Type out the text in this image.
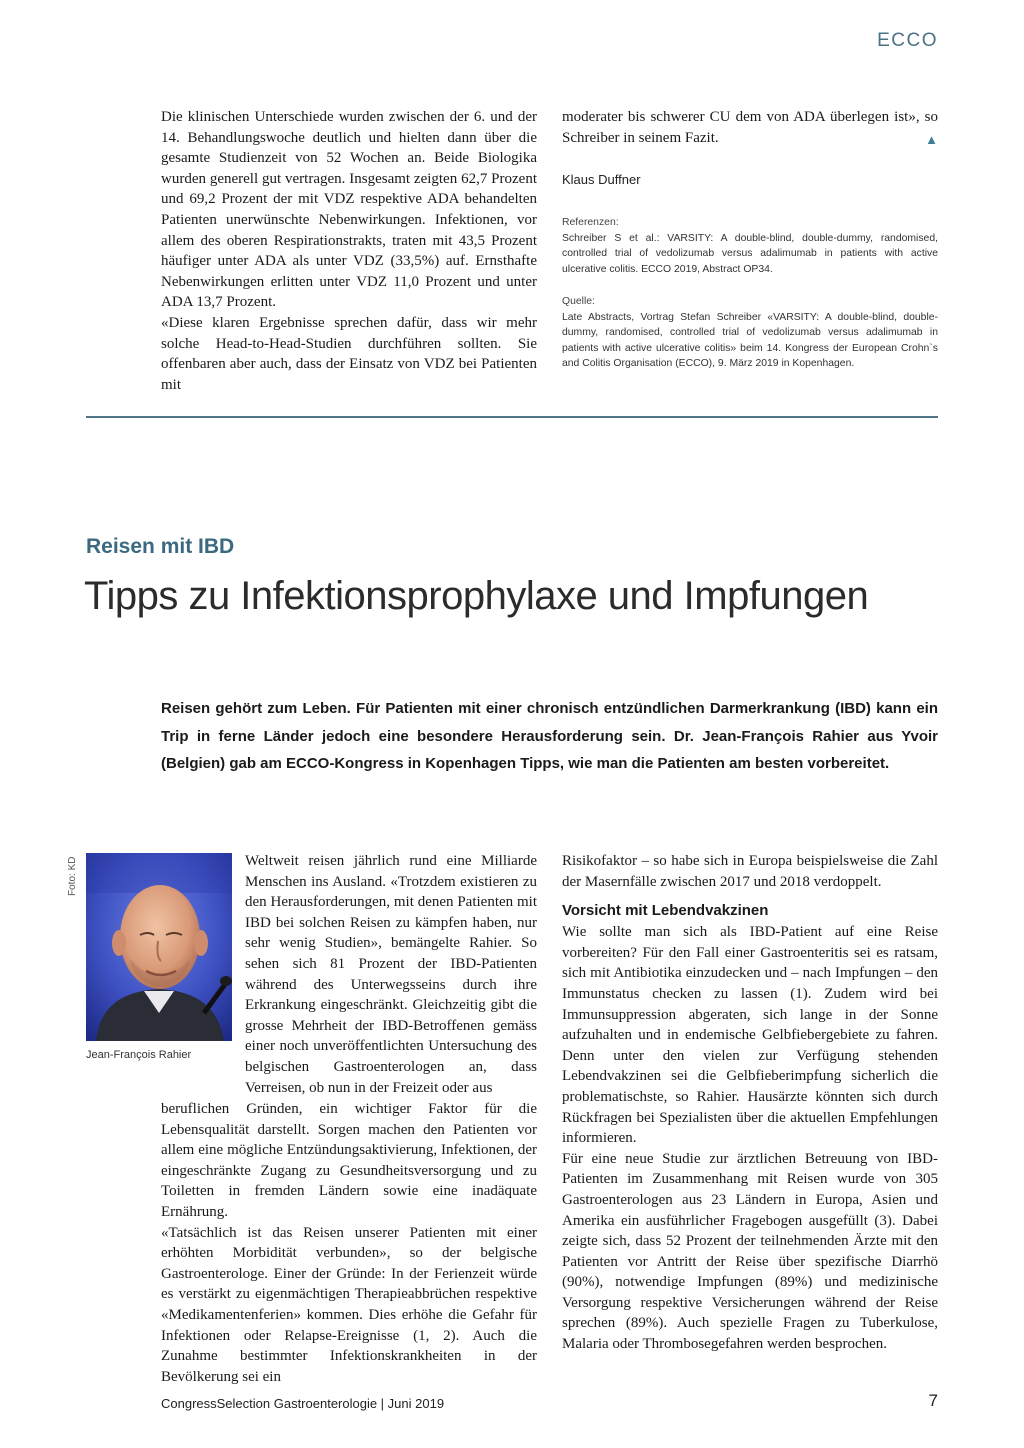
ECCO

Die klinischen Unterschiede wurden zwischen der 6. und der 14. Behandlungswoche deutlich und hielten dann über die gesamte Studienzeit von 52 Wochen an. Beide Biologika wurden generell gut vertragen. Insgesamt zeigten 62,7 Prozent und 69,2 Prozent der mit VDZ respektive ADA behandelten Patienten unerwünschte Nebenwirkungen. Infektionen, vor allem des oberen Respirationstrakts, traten mit 43,5 Prozent häufiger unter ADA als unter VDZ (33,5%) auf. Ernsthafte Nebenwirkungen erlitten unter VDZ 11,0 Prozent und unter ADA 13,7 Prozent.

«Diese klaren Ergebnisse sprechen dafür, dass wir mehr solche Head-to-Head-Studien durchführen sollten. Sie offenbaren aber auch, dass der Einsatz von VDZ bei Patienten mit

moderater bis schwerer CU dem von ADA überlegen ist», so Schreiber in seinem Fazit.	▲

Klaus Duffner
Referenzen:
Schreiber S et al.: VARSITY: A double-blind, double-dummy, randomised, controlled trial of vedolizumab versus adalimumab in patients with active ulcerative colitis. ECCO 2019, Abstract OP34.
Quelle:
Late Abstracts, Vortrag Stefan Schreiber «VARSITY: A double-blind, double-dummy, randomised, controlled trial of vedolizumab versus adalimumab in patients with active ulcerative colitis» beim 14. Kongress der European Crohn`s and Colitis Organisation (ECCO), 9. März 2019 in Kopenhagen.
Reisen mit IBD
Tipps zu Infektionsprophylaxe und Impfungen
Reisen gehört zum Leben. Für Patienten mit einer chronisch entzündlichen Darmerkrankung (IBD) kann ein Trip in ferne Länder jedoch eine besondere Herausforderung sein. Dr. Jean-François Rahier aus Yvoir (Belgien) gab am ECCO-Kongress in Kopenhagen Tipps, wie man die Patienten am besten vorbereitet.
Foto: KD
Jean-François Rahier

Weltweit reisen jährlich rund eine Milliarde Menschen ins Ausland. «Trotzdem existieren zu den Herausforderungen, mit denen Patienten mit IBD bei solchen Reisen zu kämpfen haben, nur sehr wenig Studien», bemängelte Rahier. So sehen sich 81 Prozent der IBD-Patienten während des Unterwegsseins durch ihre Erkrankung eingeschränkt. Gleichzeitig gibt die grosse Mehrheit der IBD-Betroffenen gemäss einer noch unveröffentlichten Untersuchung des belgischen Gastroenterologen an, dass Verreisen, ob nun in der Freizeit oder aus

beruflichen Gründen, ein wichtiger Faktor für die Lebensqualität darstellt. Sorgen machen den Patienten vor allem eine mögliche Entzündungsaktivierung, Infektionen, der eingeschränkte Zugang zu Gesundheitsversorgung und zu Toiletten in fremden Ländern sowie eine inadäquate Ernährung.

«Tatsächlich ist das Reisen unserer Patienten mit einer erhöhten Morbidität verbunden», so der belgische Gastroenterologe. Einer der Gründe: In der Ferienzeit würde es verstärkt zu eigenmächtigen Therapieabbrüchen respektive «Medikamentenferien» kommen. Dies erhöhe die Gefahr für Infektionen oder Relapse-Ereignisse (1, 2). Auch die Zunahme bestimmter Infektionskrankheiten in der Bevölkerung sei ein

Risikofaktor – so habe sich in Europa beispielsweise die Zahl der Masernfälle zwischen 2017 und 2018 verdoppelt.

Vorsicht mit Lebendvakzinen

Wie sollte man sich als IBD-Patient auf eine Reise vorbereiten? Für den Fall einer Gastroenteritis sei es ratsam, sich mit Antibiotika einzudecken und – nach Impfungen – den Immunstatus checken zu lassen (1). Zudem wird bei Immunsuppression abgeraten, sich lange in der Sonne aufzuhalten und in endemische Gelbfiebergebiete zu fahren. Denn unter den vielen zur Verfügung stehenden Lebendvakzinen sei die Gelbfieberimpfung sicherlich die problematischste, so Rahier. Hausärzte könnten sich durch Rückfragen bei Spezialisten über die aktuellen Empfehlungen informieren.

Für eine neue Studie zur ärztlichen Betreuung von IBD-Patienten im Zusammenhang mit Reisen wurde von 305 Gastroenterologen aus 23 Ländern in Europa, Asien und Amerika ein ausführlicher Fragebogen ausgefüllt (3). Dabei zeigte sich, dass 52 Prozent der teilnehmenden Ärzte mit den Patienten vor Antritt der Reise über spezifische Diarrhö (90%), notwendige Impfungen (89%) und medizinische Versorgung respektive Versicherungen während der Reise sprechen (89%). Auch spezielle Fragen zu Tuberkulose, Malaria oder Thrombosegefahren werden besprochen.

CongressSelection Gastroenterologie | Juni 2019	7
